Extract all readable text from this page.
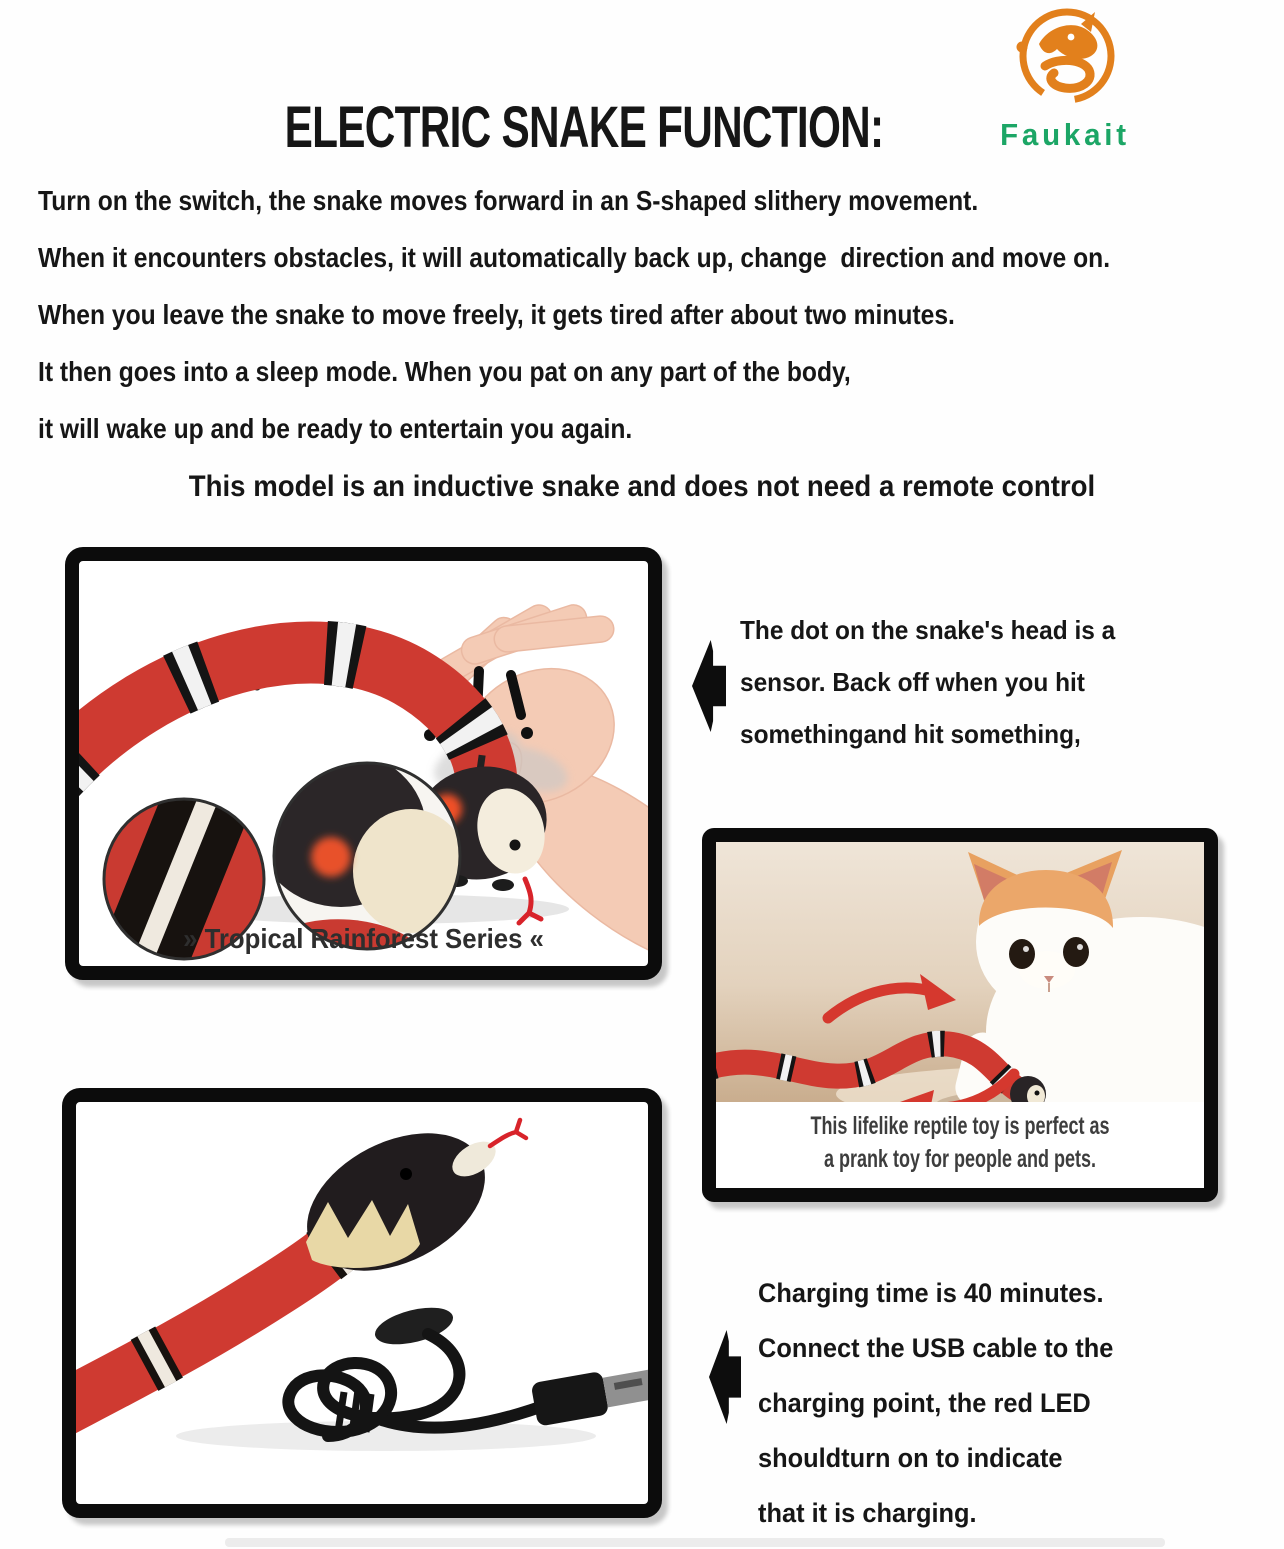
ELECTRIC SNAKE FUNCTION:	Faukait
Turn on the switch, the snake moves forward in an S-shaped slithery movement.
When it encounters obstacles, it will automatically back up, change  direction and move on.
When you leave the snake to move freely, it gets tired after about two minutes.
It then goes into a sleep mode. When you pat on any part of the body,
it will wake up and be ready to entertain you again.
This model is an inductive snake and does not need a remote control
» Tropical Rainforest Series «
The dot on the snake's head is a
sensor. Back off when you hit
somethingand hit something,
This lifelike reptile toy is perfect as
a prank toy for people and pets.
Charging time is 40 minutes.
Connect the USB cable to the
charging point, the red LED
shouldturn on to indicate
that it is charging.
